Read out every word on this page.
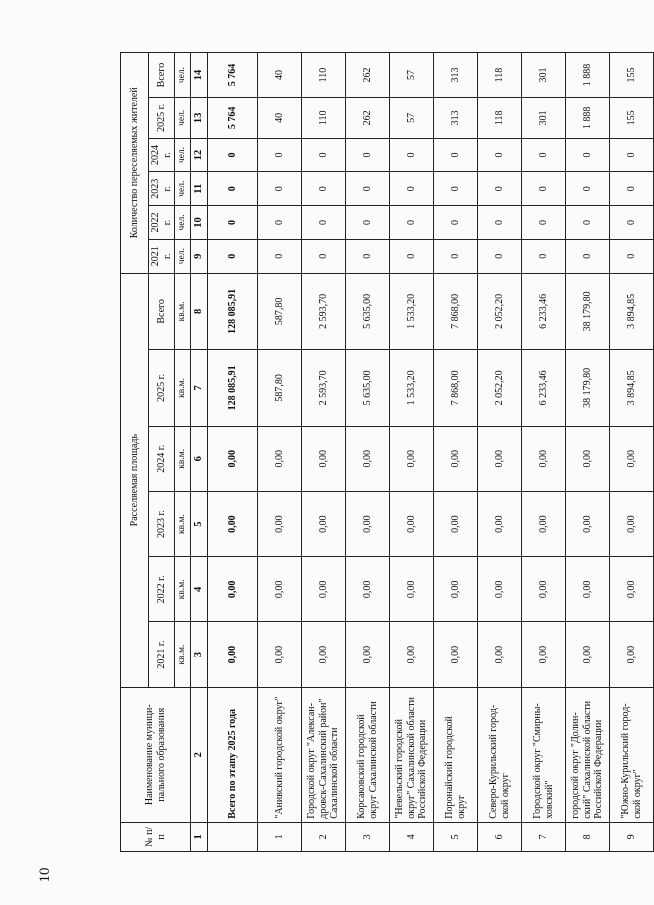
10
№ п/п	Наименование муници-пального образования	Расселяемая площадь						Количество переселяемых жителей					
		2021 г.	2022 г.	2023 г.	2024 г.	2025 г.	Всего	2021 г.	2022 г.	2023 г.	2024 г.	2025 г.	Всего
		кв.м.	кв.м.	кв.м.	кв.м.	кв.м.	кв.м.	чел.	чел.	чел.	чел.	чел.	чел.
1	2	3	4	5	6	7	8	9	10	11	12	13	14
	Всего по этапу 2025 года	0,00	0,00	0,00	0,00	128 085,91	128 085,91	0	0	0	0	5 764	5 764
1	"Анивский городской округ"	0,00	0,00	0,00	0,00	587,80	587,80	0	0	0	0	40	40
2	Городской округ "Алексан-дровск-Сахалинский район" Сахалинской области	0,00	0,00	0,00	0,00	2 593,70	2 593,70	0	0	0	0	110	110
3	Корсаковский городской округ Сахалинской области	0,00	0,00	0,00	0,00	5 635,00	5 635,00	0	0	0	0	262	262
4	"Невельский городской округ" Сахалинской области Российской Федерации	0,00	0,00	0,00	0,00	1 533,20	1 533,20	0	0	0	0	57	57
5	Поронайский городской округ	0,00	0,00	0,00	0,00	7 868,00	7 868,00	0	0	0	0	313	313
6	Северо-Курильский город-ской округ	0,00	0,00	0,00	0,00	2 052,20	2 052,20	0	0	0	0	118	118
7	Городской округ "Смирны-ховский"	0,00	0,00	0,00	0,00	6 233,46	6 233,46	0	0	0	0	301	301
8	городской округ "Долин-ский" Сахалинской области Российской Федерации	0,00	0,00	0,00	0,00	38 179,80	38 179,80	0	0	0	0	1 888	1 888
9	"Южно-Курильский город-ской округ"	0,00	0,00	0,00	0,00	3 894,85	3 894,85	0	0	0	0	155	155
